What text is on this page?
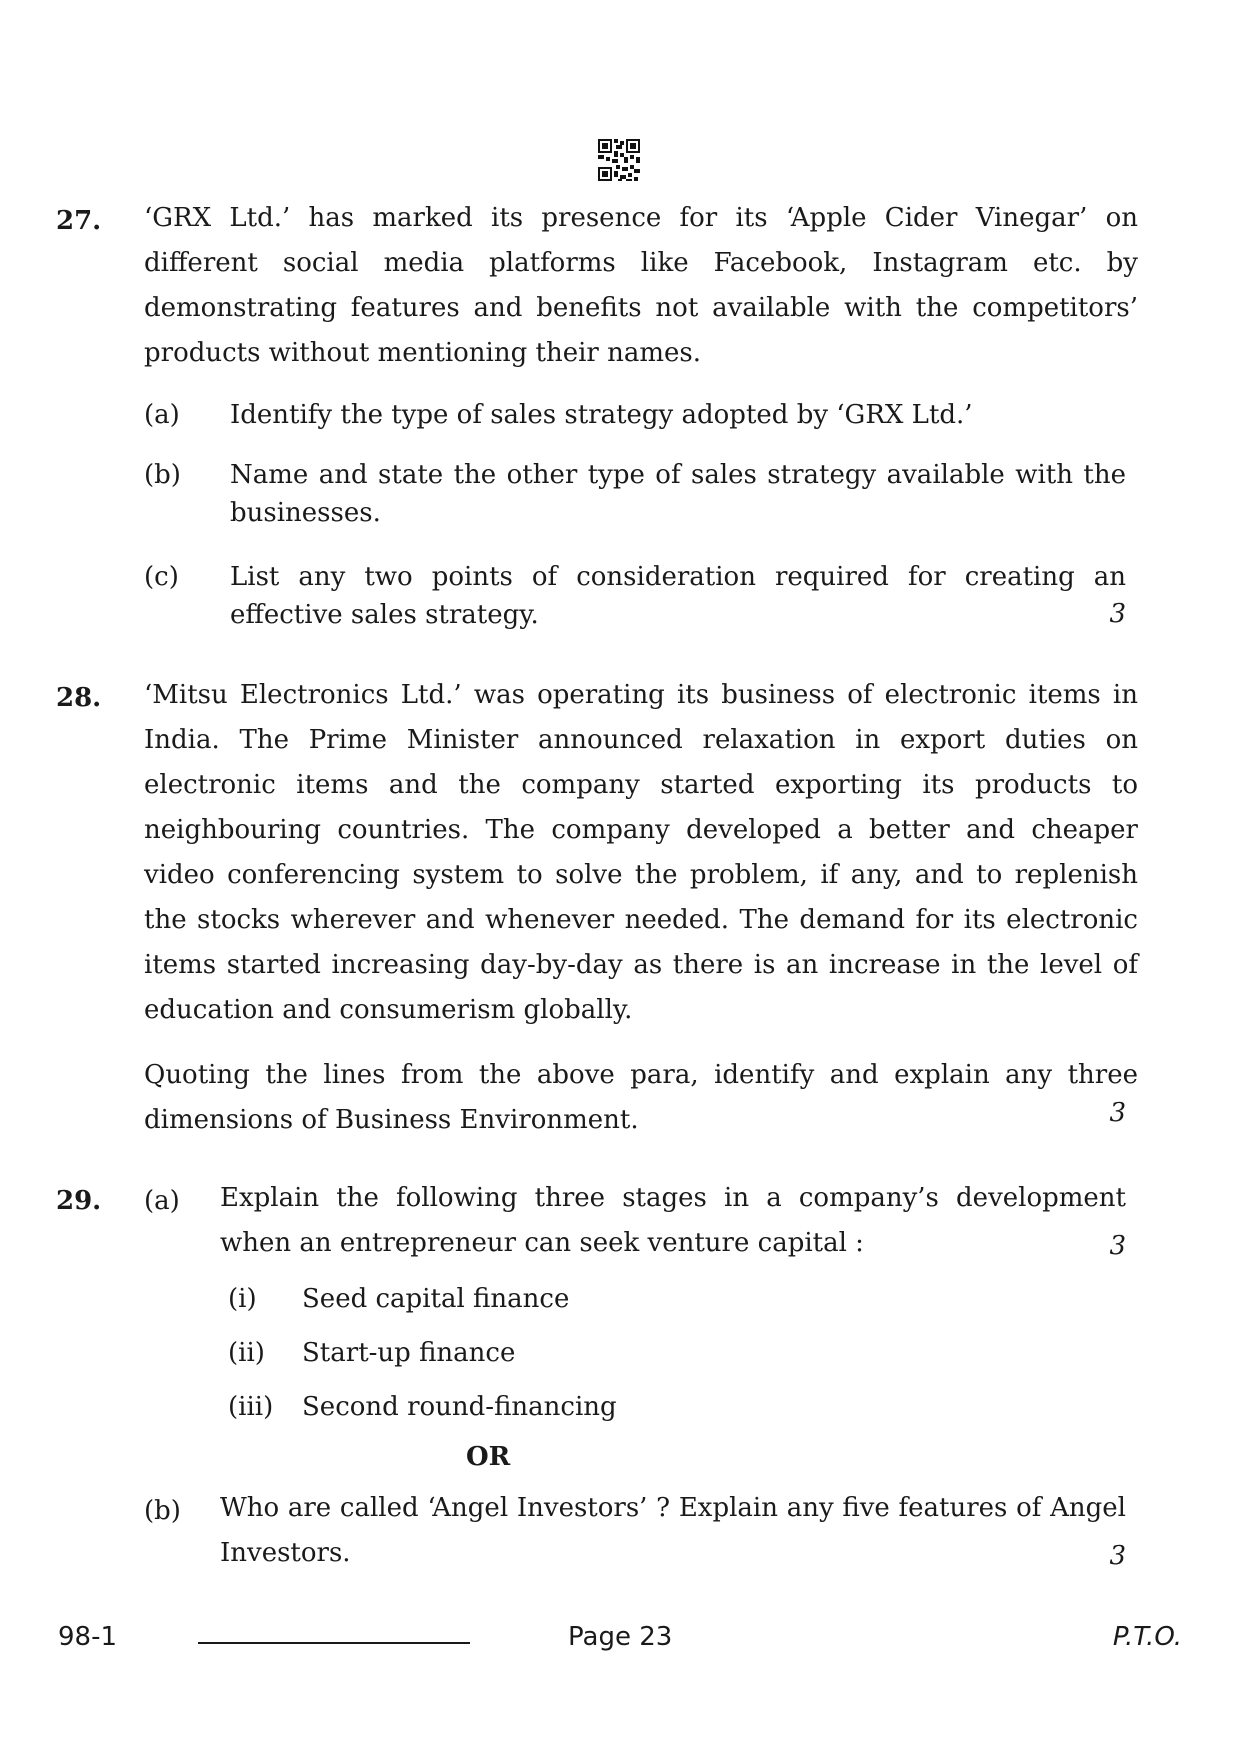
27. ‘GRX Ltd.’ has marked its presence for its ‘Apple Cider Vinegar’ on different social media platforms like Facebook, Instagram etc. by demonstrating features and benefits not available with the competitors’ products without mentioning their names.

(a) Identify the type of sales strategy adopted by ‘GRX Ltd.’
(b) Name and state the other type of sales strategy available with the businesses.
(c) List any two points of consideration required for creating an effective sales strategy.	3
28. ‘Mitsu Electronics Ltd.’ was operating its business of electronic items in India. The Prime Minister announced relaxation in export duties on electronic items and the company started exporting its products to neighbouring countries. The company developed a better and cheaper video conferencing system to solve the problem, if any, and to replenish the stocks wherever and whenever needed. The demand for its electronic items started increasing day-by-day as there is an increase in the level of education and consumerism globally.

Quoting the lines from the above para, identify and explain any three dimensions of Business Environment.	3
29. (a) Explain the following three stages in a company’s development when an entrepreneur can seek venture capital :	3
(i) Seed capital finance
(ii) Start-up finance
(iii) Second round-financing
OR
(b) Who are called ‘Angel Investors’ ? Explain any five features of Angel Investors.	3
98-1	Page 23	P.T.O.
